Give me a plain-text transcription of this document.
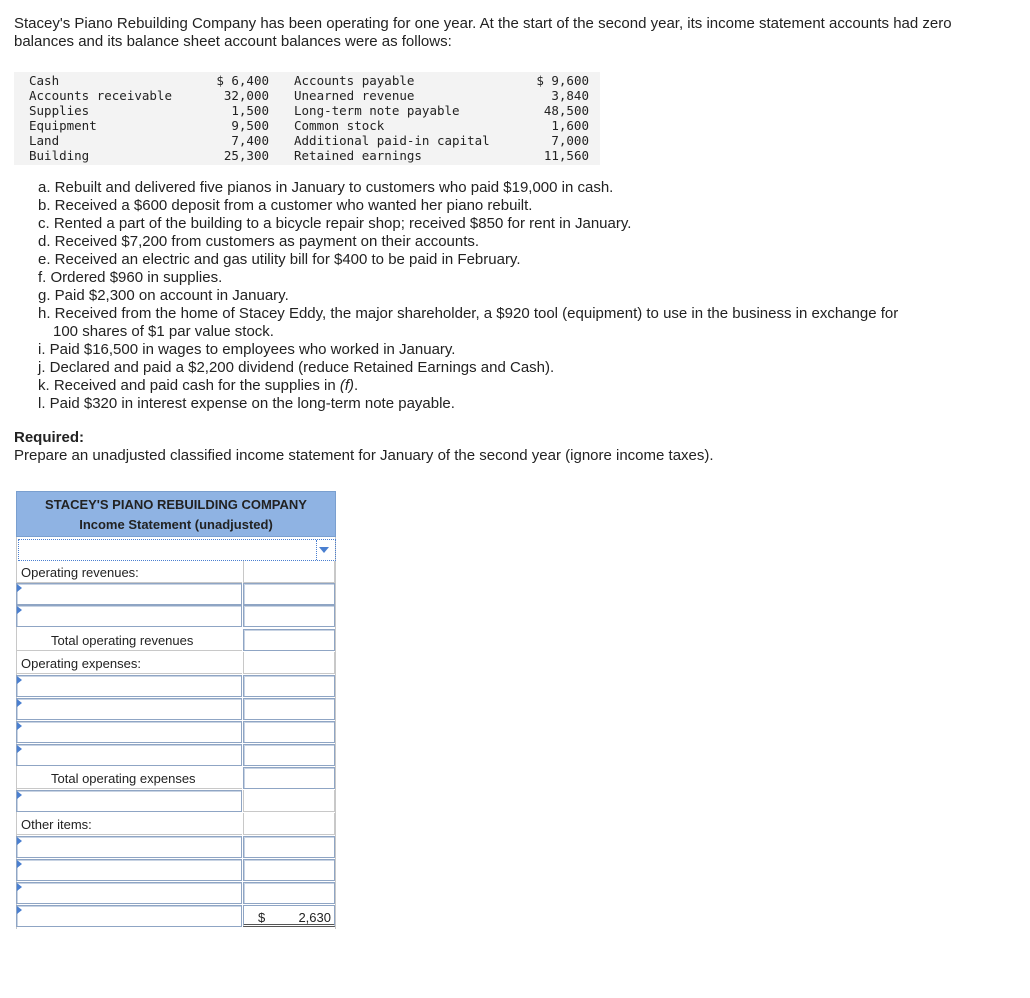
Stacey's Piano Rebuilding Company has been operating for one year. At the start of the second year, its income statement accounts had zero balances and its balance sheet account balances were as follows:
Cash
Accounts receivable
Supplies
Equipment
Land
Building
$ 6,400
32,000
1,500
9,500
7,400
25,300
Accounts payable
Unearned revenue
Long-term note payable
Common stock
Additional paid-in capital
Retained earnings
$ 9,600
3,840
48,500
1,600
7,000
11,560
a. Rebuilt and delivered five pianos in January to customers who paid $19,000 in cash.
b. Received a $600 deposit from a customer who wanted her piano rebuilt.
c. Rented a part of the building to a bicycle repair shop; received $850 for rent in January.
d. Received $7,200 from customers as payment on their accounts.
e. Received an electric and gas utility bill for $400 to be paid in February.
f. Ordered $960 in supplies.
g. Paid $2,300 on account in January.
h. Received from the home of Stacey Eddy, the major shareholder, a $920 tool (equipment) to use in the business in exchange for
100 shares of $1 par value stock.
i. Paid $16,500 in wages to employees who worked in January.
j. Declared and paid a $2,200 dividend (reduce Retained Earnings and Cash).
k. Received and paid cash for the supplies in (f).
l. Paid $320 in interest expense on the long-term note payable.
Required:
Prepare an unadjusted classified income statement for January of the second year (ignore income taxes).
STACEY'S PIANO REBUILDING COMPANY
Income Statement (unadjusted)
Operating revenues:
Total operating revenues
Operating expenses:
Total operating expenses
Other items:
$	2,630
